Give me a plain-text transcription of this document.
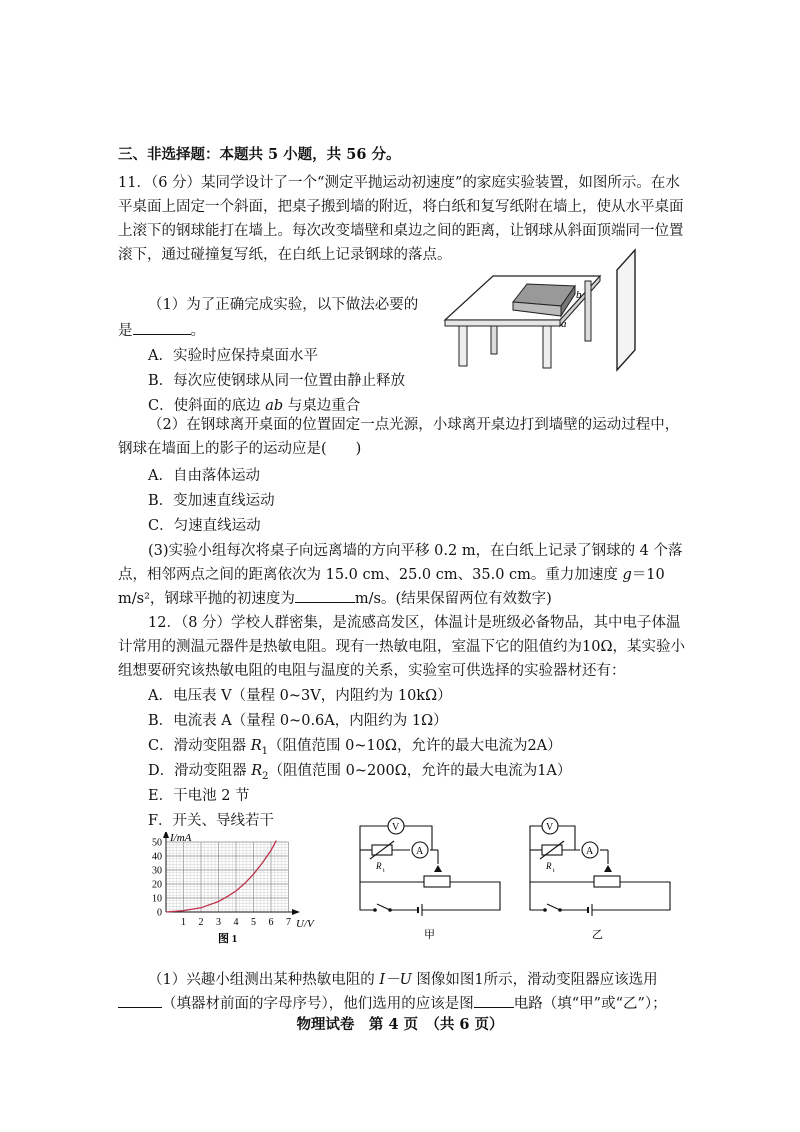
三、非选择题：本题共 5 小题，共 56 分。
11．（6 分）某同学设计了一个“测定平抛运动初速度”的家庭实验装置，如图所示。在水平桌面上固定一个斜面，把桌子搬到墙的附近，将白纸和复写纸附在墙上，使从水平桌面上滚下的钢球能打在墙上。每次改变墙壁和桌边之间的距离，让钢球从斜面顶端同一位置滚下，通过碰撞复写纸，在白纸上记录钢球的落点。
（1）为了正确完成实验，以下做法必要的
是	。
A．实验时应保持桌面水平
B．每次应使钢球从同一位置由静止释放
C．使斜面的底边 ab 与桌边重合
b
a
（2）在钢球离开桌面的位置固定一点光源，小球离开桌边打到墙壁的运动过程中，钢球在墙面上的影子的运动应是(　　)
A．自由落体运动
B．变加速直线运动
C．匀速直线运动
(3)实验小组每次将桌子向远离墙的方向平移 0.2 m，在白纸上记录了钢球的 4 个落点，相邻两点之间的距离依次为 15.0 cm、25.0 cm、35.0 cm。重力加速度 g＝10 m/s²，钢球平抛的初速度为	m/s。(结果保留两位有效数字)
12．（8 分）学校人群密集，是流感高发区，体温计是班级必备物品，其中电子体温计常用的测温元器件是热敏电阻。现有一热敏电阻，室温下它的阻值约为10Ω，某实验小组想要研究该热敏电阻的电阻与温度的关系，实验室可供选择的实验器材还有：
A．电压表 V（量程 0~3V，内阻约为 10kΩ）
B．电流表 A（量程 0~0.6A，内阻约为 1Ω）
C．滑动变阻器 $R_1$（阻值范围 0~10Ω，允许的最大电流为2A）
D．滑动变阻器 $R_2$（阻值范围 0~200Ω，允许的最大电流为1A）
E．干电池 2 节
F．开关、导线若干
I/mA
U/V
0
10
20
30
40
50
1 2 3 4 5 6 7
图 1
V
A
R t
甲
V
A
R t
乙
（1）兴趣小组测出某种热敏电阻的 I－U 图像如图1所示，滑动变阻器应该选用（填器材前面的字母序号），他们选用的应该是图	电路（填“甲”或“乙”）；
物理试卷　第 4 页　（共 6 页）
